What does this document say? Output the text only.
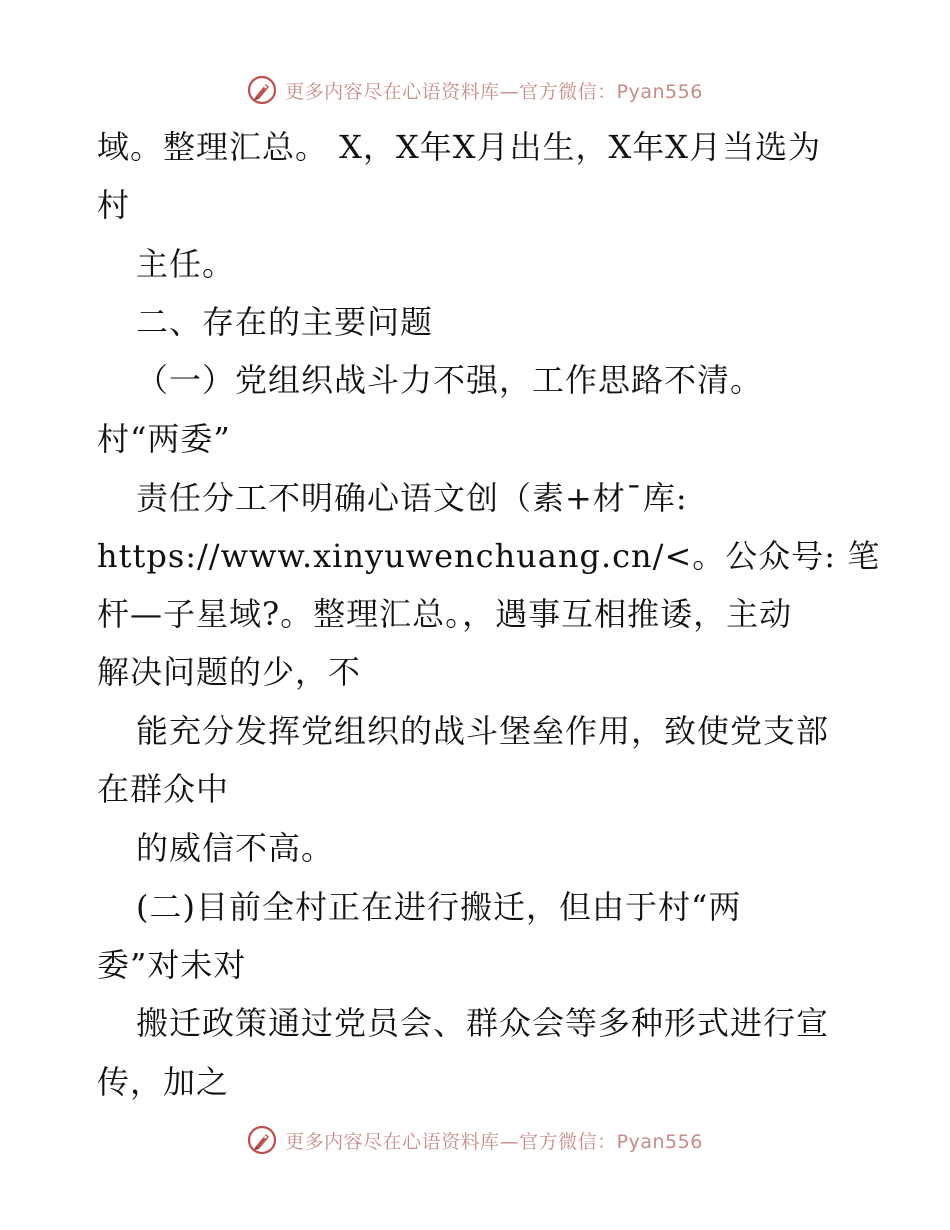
更多内容尽在心语资料库—官方微信：Pyan556
域。整理汇总。 X，X年X月出生，X年X月当选为
村
主任。
二、存在的主要问题
（一）党组织战斗力不强，工作思路不清。
村“两委”
责任分工不明确心语文创（素+材¯库:
https://www.xinyuwenchuang.cn/<。公众号: 笔
杆—子星域?。整理汇总。，遇事互相推诿，主动
解决问题的少，不
能充分发挥党组织的战斗堡垒作用，致使党支部
在群众中
的威信不高。
(二)目前全村正在进行搬迁，但由于村“两
委”对未对
搬迁政策通过党员会、群众会等多种形式进行宣
传，加之
更多内容尽在心语资料库—官方微信：Pyan556
